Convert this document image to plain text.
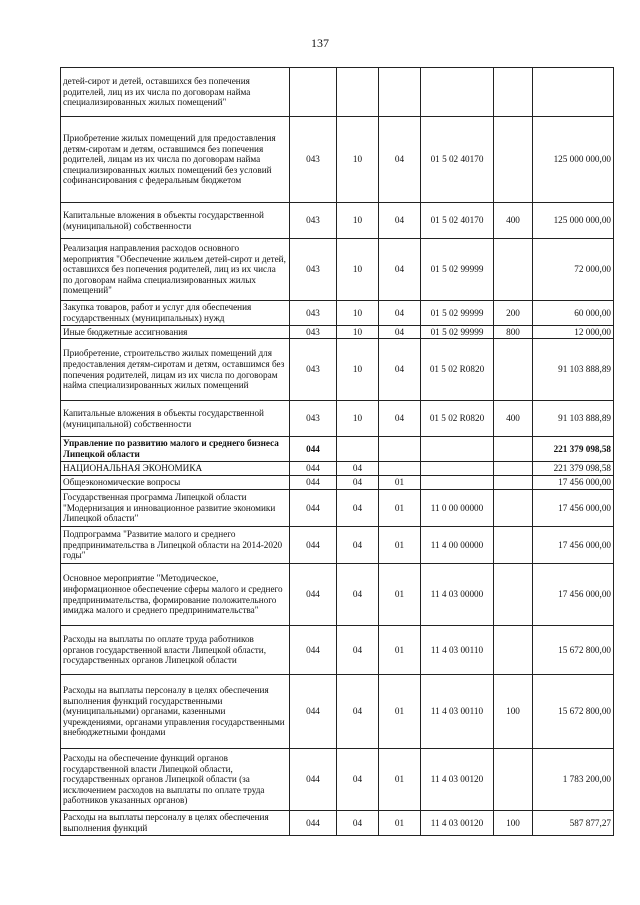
137
детей-сирот и детей, оставшихся без попечения родителей, лиц из их числа по договорам найма специализированных жилых помещений"						
Приобретение жилых помещений для предоставления детям-сиротам и детям, оставшимся без попечения родителей, лицам из их числа по договорам найма специализированных жилых помещений без условий софинансирования с федеральным бюджетом	043	10	04	01 5 02 40170		125 000 000,00
Капитальные вложения в объекты государственной (муниципальной) собственности	043	10	04	01 5 02 40170	400	125 000 000,00
Реализация направления расходов основного мероприятия "Обеспечение жильем детей-сирот и детей, оставшихся без попечения родителей, лиц из их числа по договорам найма специализированных жилых помещений"	043	10	04	01 5 02 99999		72 000,00
Закупка товаров, работ и услуг для обеспечения государственных (муниципальных) нужд	043	10	04	01 5 02 99999	200	60 000,00
Иные бюджетные ассигнования	043	10	04	01 5 02 99999	800	12 000,00
Приобретение, строительство жилых помещений для предоставления детям-сиротам и детям, оставшимся без попечения родителей, лицам из их числа по договорам найма специализированных жилых помещений	043	10	04	01 5 02 R0820		91 103 888,89
Капитальные вложения в объекты государственной (муниципальной) собственности	043	10	04	01 5 02 R0820	400	91 103 888,89
Управление по развитию малого и среднего бизнеса Липецкой области	044					221 379 098,58
НАЦИОНАЛЬНАЯ ЭКОНОМИКА	044	04				221 379 098,58
Общеэкономические вопросы	044	04	01			17 456 000,00
Государственная программа Липецкой области "Модернизация и инновационное развитие экономики Липецкой области"	044	04	01	11 0 00 00000		17 456 000,00
Подпрограмма "Развитие малого и среднего предпринимательства в Липецкой области на 2014-2020 годы"	044	04	01	11 4 00 00000		17 456 000,00
Основное мероприятие "Методическое, информационное обеспечение сферы малого и среднего предпринимательства, формирование положительного имиджа малого и среднего предпринимательства"	044	04	01	11 4 03 00000		17 456 000,00
Расходы на выплаты по оплате труда работников органов государственной власти Липецкой области, государственных органов Липецкой области	044	04	01	11 4 03 00110		15 672 800,00
Расходы на выплаты персоналу в целях обеспечения выполнения функций государственными (муниципальными) органами, казенными учреждениями, органами управления государственными внебюджетными фондами	044	04	01	11 4 03 00110	100	15 672 800,00
Расходы на обеспечение функций органов государственной власти Липецкой области, государственных органов Липецкой области (за исключением расходов на выплаты по оплате труда работников указанных органов)	044	04	01	11 4 03 00120		1 783 200,00
Расходы на выплаты персоналу в целях обеспечения выполнения функций	044	04	01	11 4 03 00120	100	587 877,27
